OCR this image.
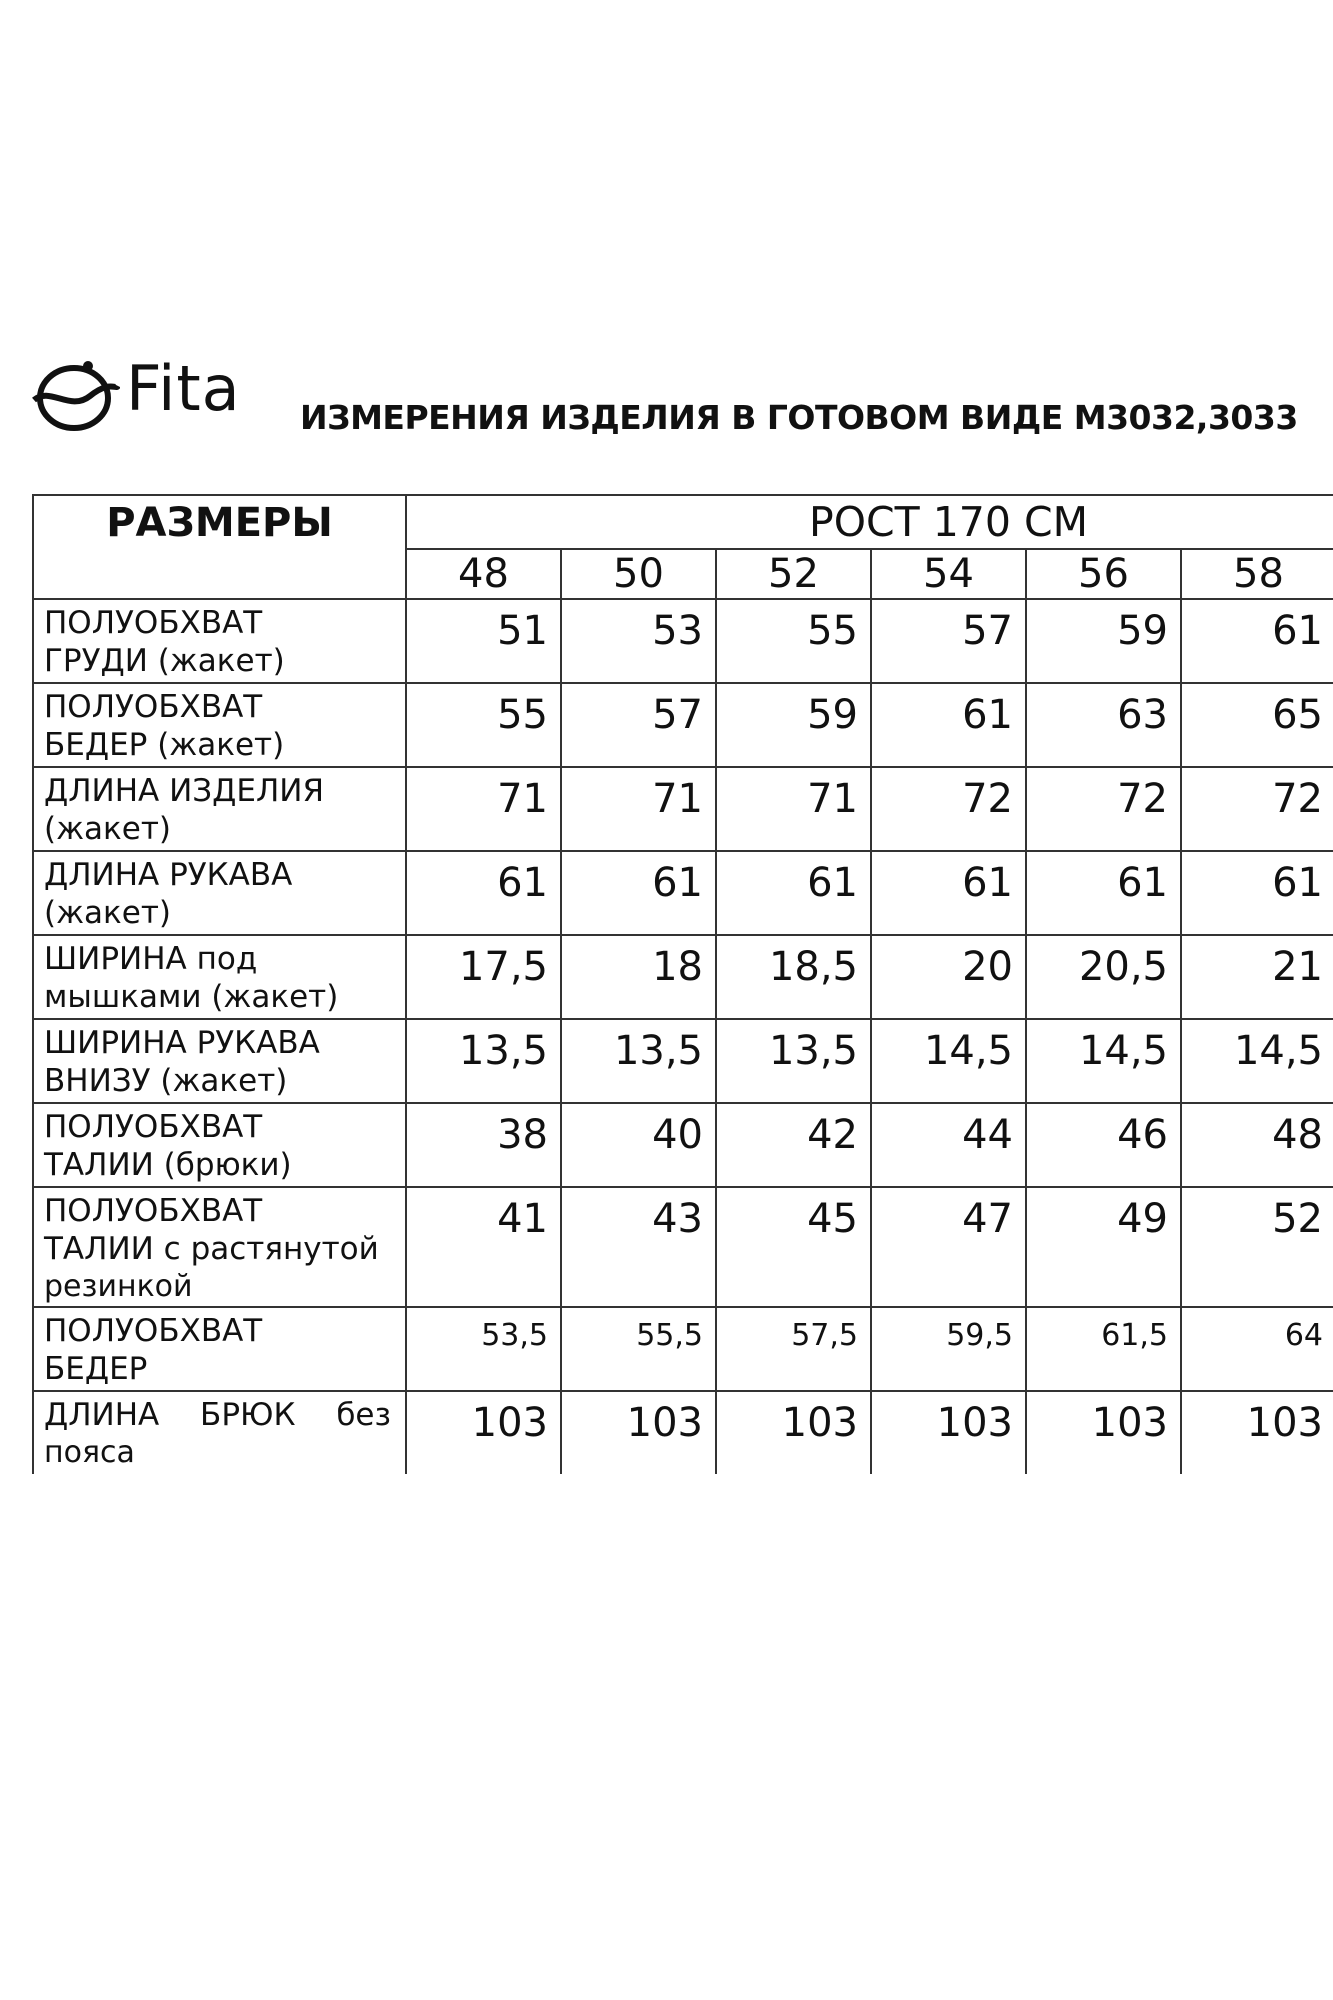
Fita ИЗМЕРЕНИЯ ИЗДЕЛИЯ В ГОТОВОМ ВИДЕ М3032,3033
РАЗМЕРЫ	РОСТ 170 СМ						
	48	50	52	54	56	58	

ПОЛУОБХВАТ
ГРУДИ (жакет)	51	53	55	57	59	61	

ПОЛУОБХВАТ
БЕДЕР (жакет)	55	57	59	61	63	65	

ДЛИНА ИЗДЕЛИЯ
(жакет)	71	71	71	72	72	72	

ДЛИНА РУКАВА
(жакет)	61	61	61	61	61	61	

ШИРИНА под
мышками (жакет)	17,5	18	18,5	20	20,5	21	

ШИРИНА РУКАВА
ВНИЗУ (жакет)	13,5	13,5	13,5	14,5	14,5	14,5	

ПОЛУОБХВАТ
ТАЛИИ (брюки)	38	40	42	44	46	48	

ПОЛУОБХВАТ
ТАЛИИ с растянутой
резинкой	41	43	45	47	49	52	

ПОЛУОБХВАТ
БЕДЕР	53,5	55,5	57,5	59,5	61,5	64	

ДЛИНА БРЮК без
пояса	103	103	103	103	103	103	
